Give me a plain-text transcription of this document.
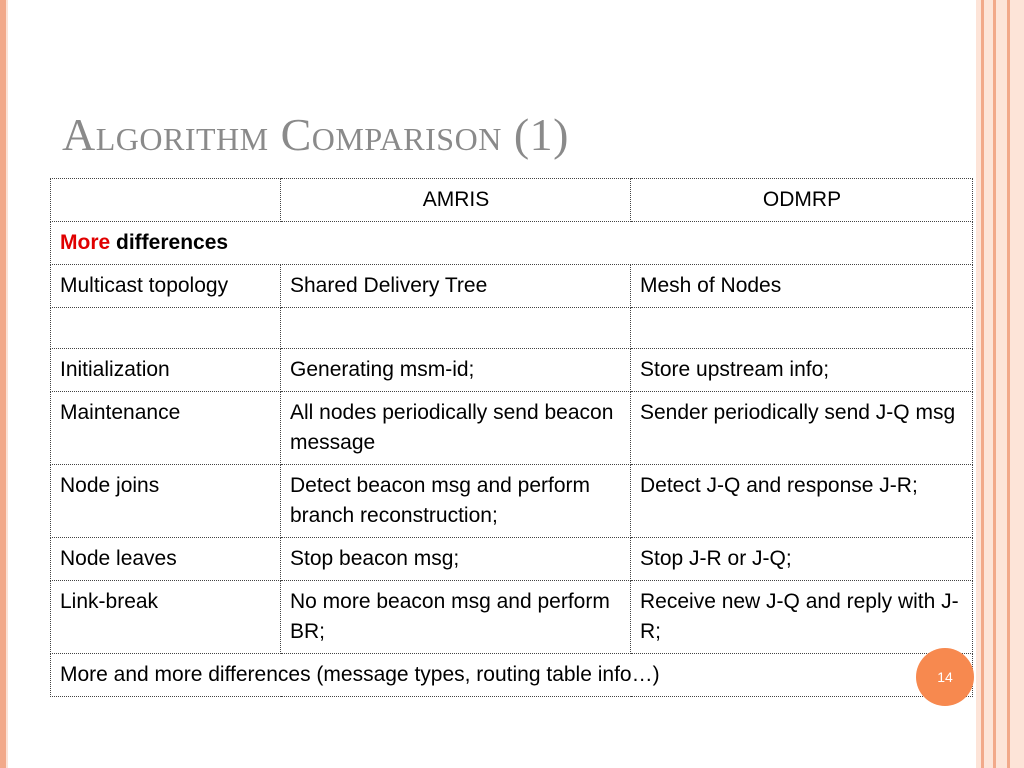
Algorithm Comparison (1)
	AMRIS	ODMRP
More differences		
Multicast topology	Shared Delivery Tree	Mesh of Nodes

Initialization	Generating msm-id;	Store upstream info;
Maintenance	All nodes periodically send beacon message	Sender periodically send J-Q msg
Node joins	Detect beacon msg and perform branch reconstruction;	Detect J-Q and response J-R;
Node leaves	Stop beacon msg;	Stop J-R or J-Q;
Link-break	No more beacon msg and perform BR;	Receive new J-Q and reply with J-R;
More and more differences (message types, routing table info…)			14
